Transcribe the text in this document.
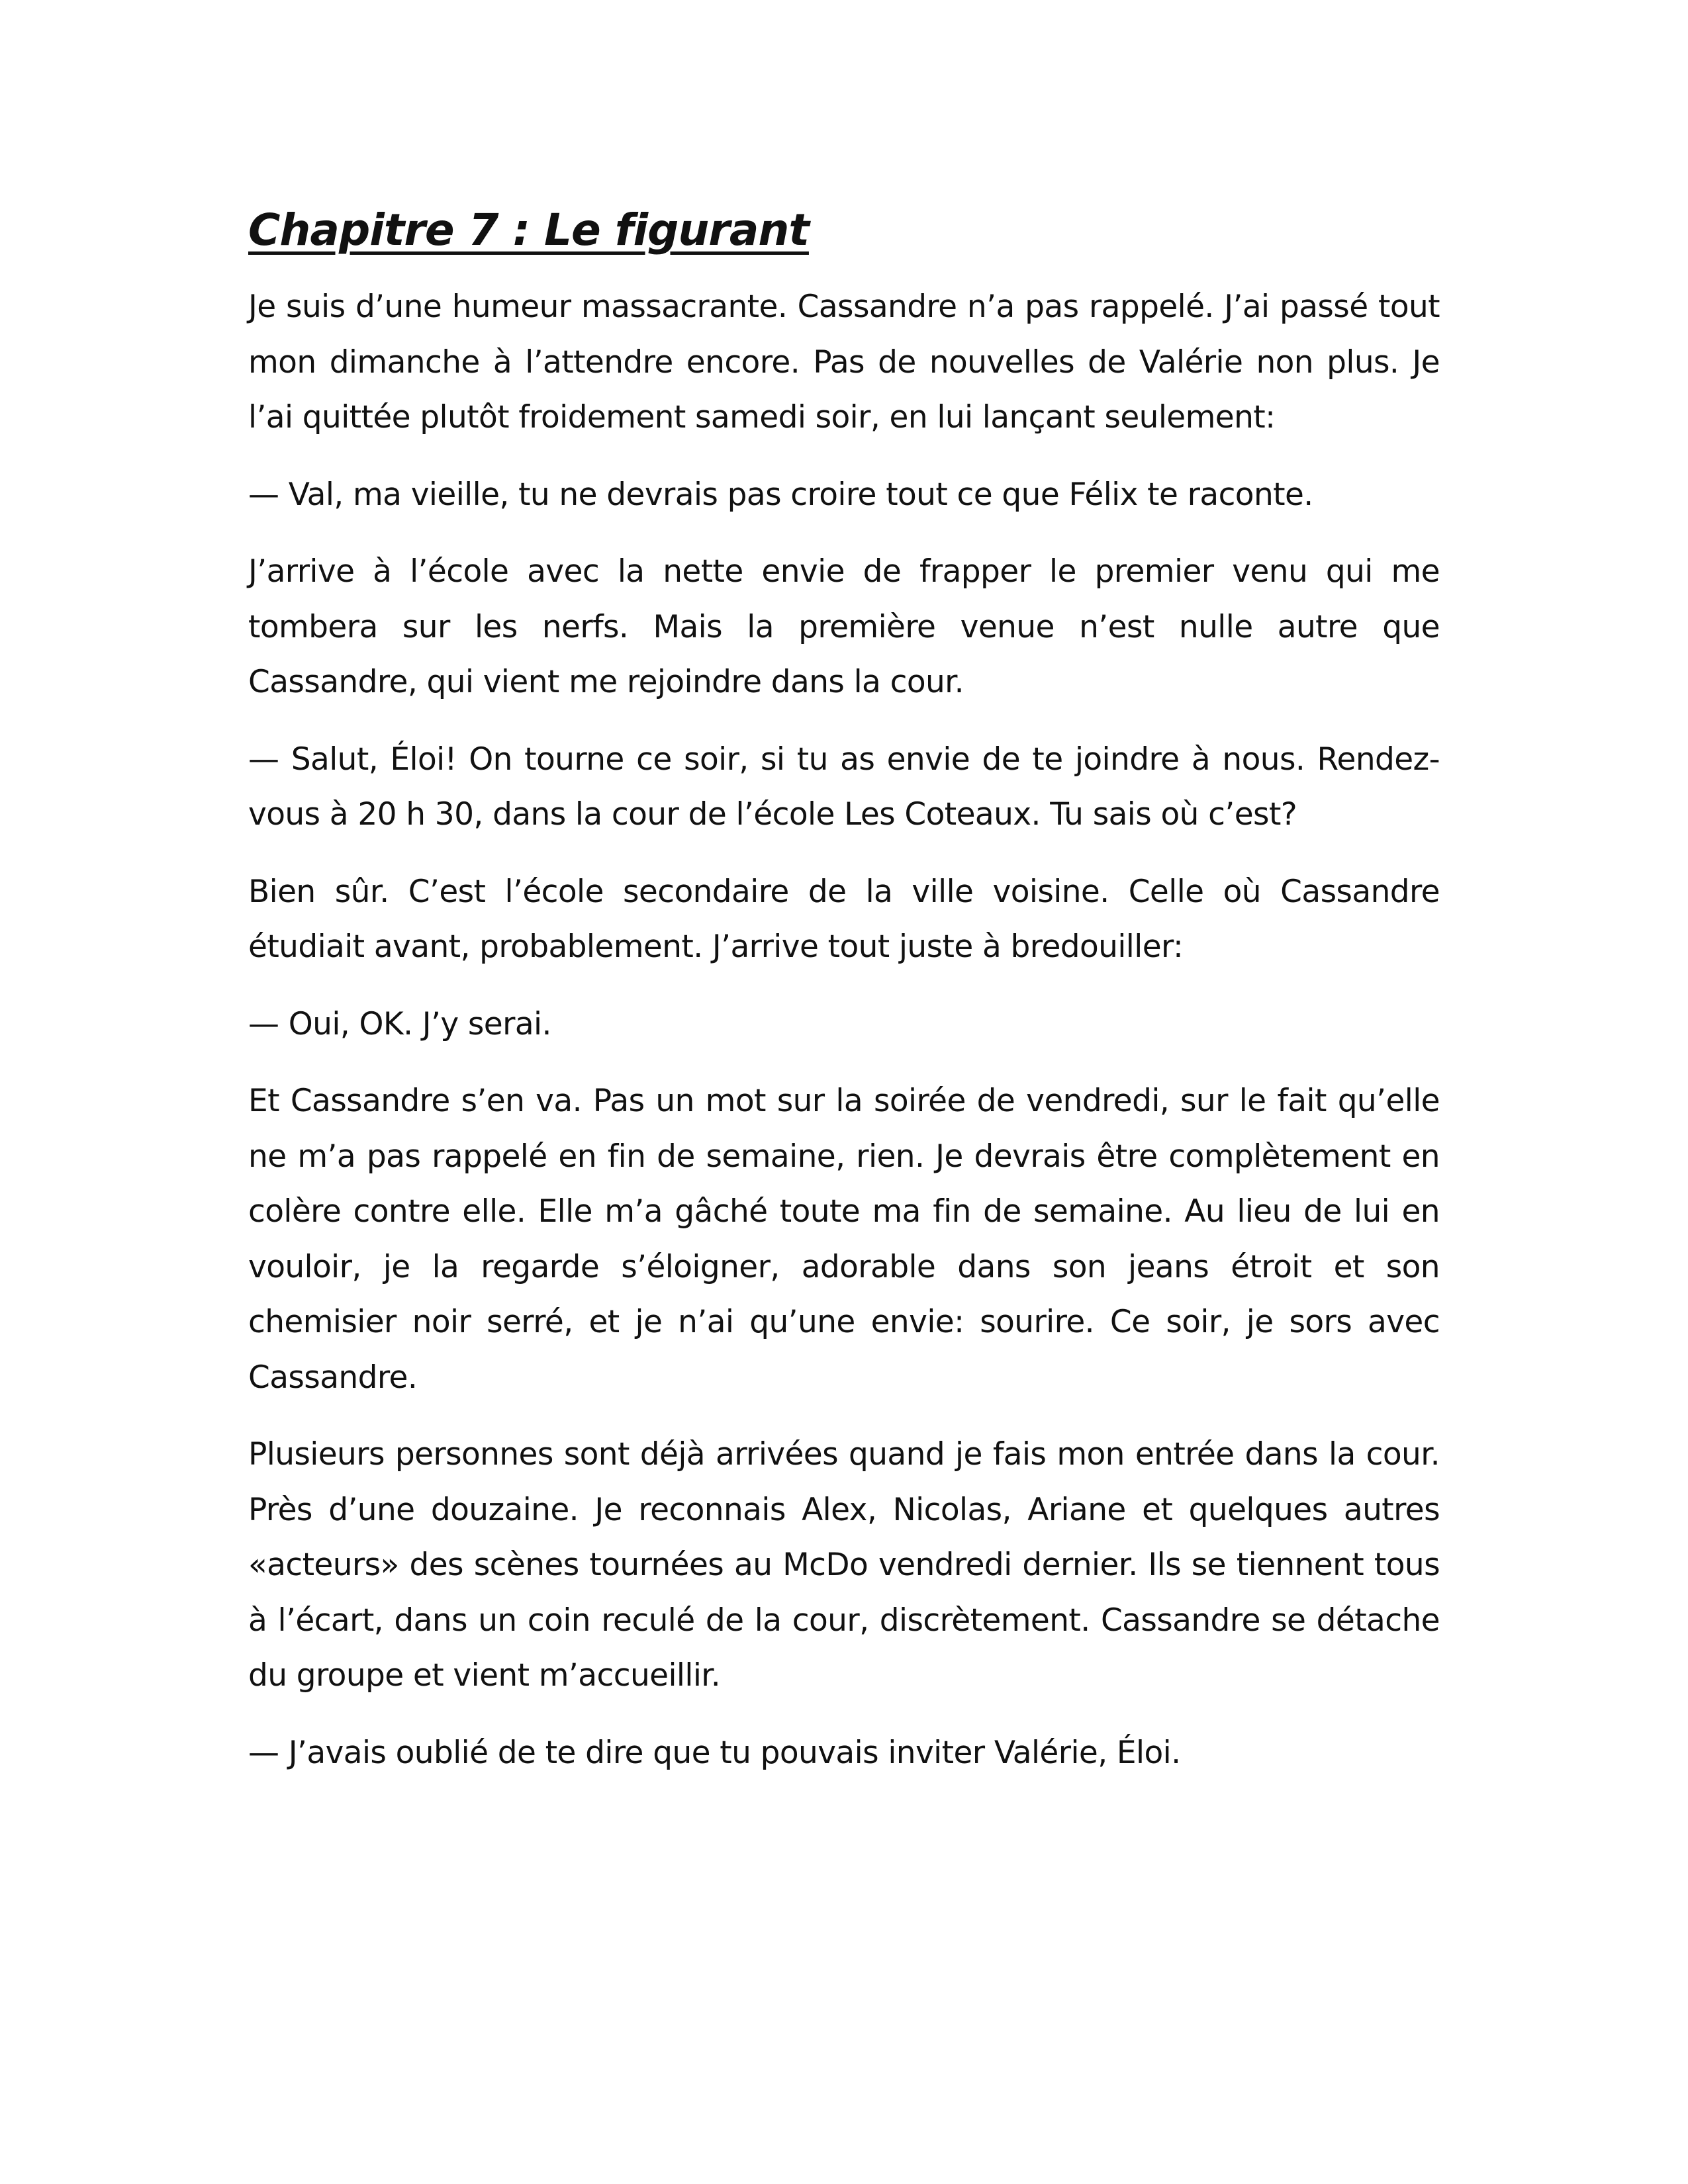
Chapitre 7 : Le figurant

Je suis d’une humeur massacrante. Cassandre n’a pas rappelé. J’ai passé tout mon dimanche à l’attendre encore. Pas de nouvelles de Valérie non plus. Je l’ai quittée plutôt froidement samedi soir, en lui lançant seulement:

— Val, ma vieille, tu ne devrais pas croire tout ce que Félix te raconte.

J’arrive à l’école avec la nette envie de frapper le premier venu qui me tombera sur les nerfs. Mais la première venue n’est nulle autre que Cassandre, qui vient me rejoindre dans la cour.

— Salut, Éloi! On tourne ce soir, si tu as envie de te joindre à nous. Rendez-vous à 20 h 30, dans la cour de l’école Les Coteaux. Tu sais où c’est?

Bien sûr. C’est l’école secondaire de la ville voisine. Celle où Cassandre étudiait avant, probablement. J’arrive tout juste à bredouiller:

— Oui, OK. J’y serai.

Et Cassandre s’en va. Pas un mot sur la soirée de vendredi, sur le fait qu’elle ne m’a pas rappelé en fin de semaine, rien. Je devrais être complètement en colère contre elle. Elle m’a gâché toute ma fin de semaine. Au lieu de lui en vouloir, je la regarde s’éloigner, adorable dans son jeans étroit et son chemisier noir serré, et je n’ai qu’une envie: sourire. Ce soir, je sors avec Cassandre.

Plusieurs personnes sont déjà arrivées quand je fais mon entrée dans la cour. Près d’une douzaine. Je reconnais Alex, Nicolas, Ariane et quelques autres «acteurs» des scènes tournées au McDo vendredi dernier. Ils se tiennent tous à l’écart, dans un coin reculé de la cour, discrètement. Cassandre se détache du groupe et vient m’accueillir.

— J’avais oublié de te dire que tu pouvais inviter Valérie, Éloi.
